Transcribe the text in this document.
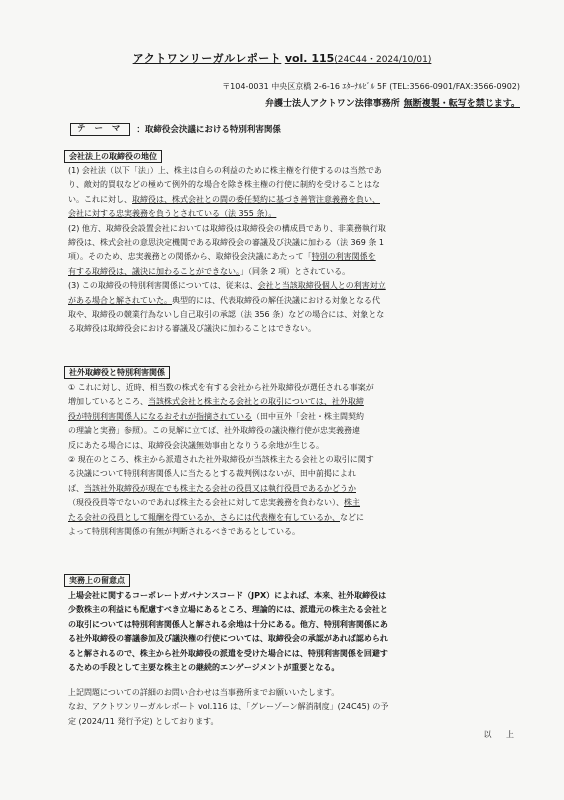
アクトワンリーガルレポート vol. 115(24C44・2024/10/01)
〒104-0031 中央区京橋 2-6-16 ｴﾀｰﾅﾙﾋﾞﾙ 5F (TEL:3566-0901/FAX:3566-0902)
弁護士法人アクトワン法律事務所 無断複製・転写を禁じます。
テ ー マ	：取締役会決議における特別利害関係
会社法上の取締役の地位
(1) 会社法（以下「法」）上、株主は自らの利益のために株主権を行使するのは当然であ
り、敵対的買収などの極めて例外的な場合を除き株主権の行使に制約を受けることはな
い。これに対し、取締役は、株式会社との間の委任契約に基づき善管注意義務を負い、
会社に対する忠実義務を負うとされている（法 355 条）。
(2) 他方、取締役会設置会社においては取締役は取締役会の構成員であり、非業務執行取
締役は、株式会社の意思決定機関である取締役会の審議及び決議に加わる（法 369 条 1
項）。そのため、忠実義務との関係から、取締役会決議にあたって「特別の利害関係を
有する取締役は、議決に加わることができない。」（同条 2 項）とされている。
(3) この取締役の特別利害関係については、従来は、会社と当該取締役個人との利害対立
がある場合と解されていた。典型的には、代表取締役の解任決議における対象となる代
取や、取締役の競業行為ないし自己取引の承認（法 356 条）などの場合には、対象とな
る取締役は取締役会における審議及び議決に加わることはできない。
社外取締役と特別利害関係
① これに対し、近時、相当数の株式を有する会社から社外取締役が選任される事案が
増加しているところ、当該株式会社と株主たる会社との取引については、社外取締
役が特別利害関係人になるおそれが指摘されている（田中亘外「会社・株主間契約
の理論と実務」参照）。この見解に立てば、社外取締役の議決権行使が忠実義務違
反にあたる場合には、取締役会決議無効事由となりうる余地が生じる。
② 現在のところ、株主から派遣された社外取締役が当該株主たる会社との取引に関す
る決議について特別利害関係人に当たるとする裁判例はないが、田中前掲によれ
ば、当該社外取締役が現在でも株主たる会社の役員又は執行役員であるかどうか
（現役役員等でないのであれば株主たる会社に対して忠実義務を負わない）、株主
たる会社の役員として報酬を得ているか、さらには代表権を有しているか、などに
よって特別利害関係の有無が判断されるべきであるとしている。
実務上の留意点
上場会社に関するコーポレートガバナンスコード（JPX）によれば、本来、社外取締役は
少数株主の利益にも配慮すべき立場にあるところ、理論的には、派遣元の株主たる会社と
の取引については特別利害関係人と解される余地は十分にある。他方、特別利害関係にあ
る社外取締役の審議参加及び議決権の行使については、取締役会の承認があれば認められ
ると解されるので、株主から社外取締役の派遣を受けた場合には、特別利害関係を回避す
るための手段として主要な株主との継続的エンゲージメントが重要となる。
上記問題についての詳細のお問い合わせは当事務所までお願いいたします。
なお、アクトワンリーガルレポート vol.116 は、「グレーゾーン解消制度」(24C45) の予
定 (2024/11 発行予定) としております。
以 上
